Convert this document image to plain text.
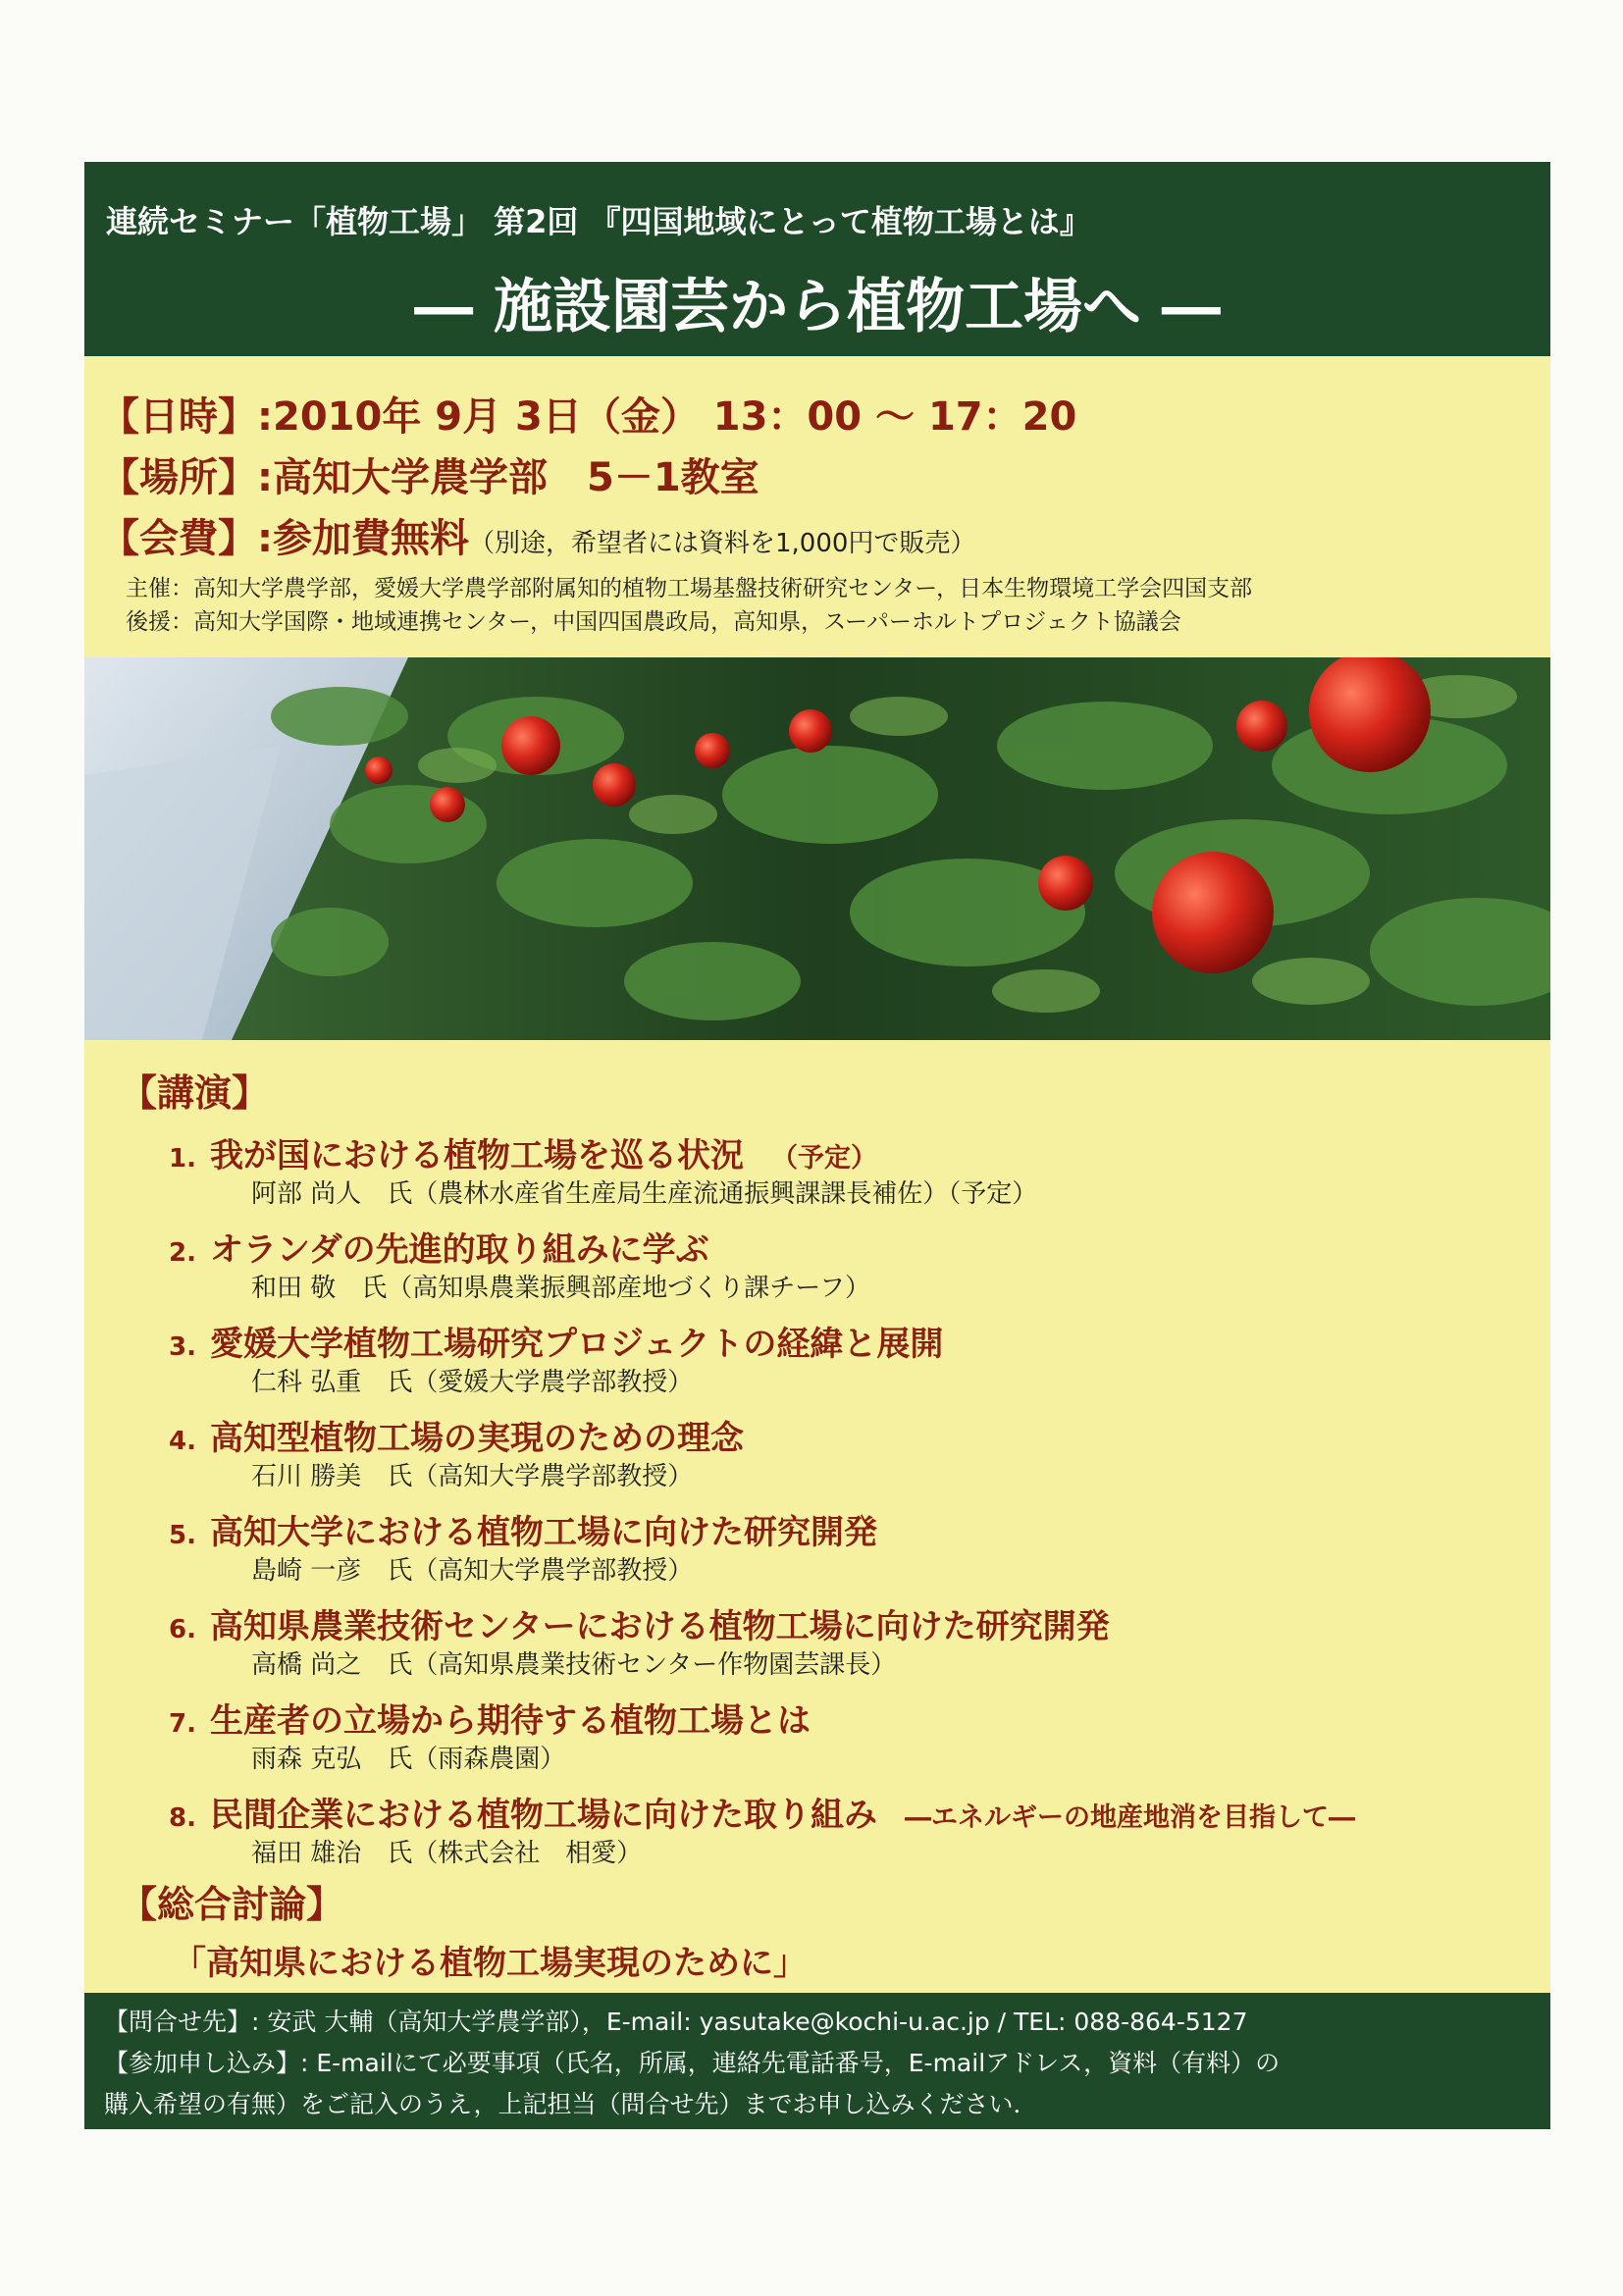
連続セミナー「植物工場」 第2回 『四国地域にとって植物工場とは』
― 施設園芸から植物工場へ ―
【日時】:2010年 9月 3日（金） 13：00 ～ 17：20
【場所】:高知大学農学部　5－1教室
【会費】:参加費無料（別途，希望者には資料を1,000円で販売）
主催：高知大学農学部，愛媛大学農学部附属知的植物工場基盤技術研究センター，日本生物環境工学会四国支部
後援：高知大学国際・地域連携センター，中国四国農政局，高知県，スーパーホルトプロジェクト協議会
【講演】
1. 我が国における植物工場を巡る状況 （予定）
阿部 尚人　氏（農林水産省生産局生産流通振興課課長補佐）（予定）
2. オランダの先進的取り組みに学ぶ
和田 敬　氏（高知県農業振興部産地づくり課チーフ）
3. 愛媛大学植物工場研究プロジェクトの経緯と展開
仁科 弘重　氏（愛媛大学農学部教授）
4. 高知型植物工場の実現のための理念
石川 勝美　氏（高知大学農学部教授）
5. 高知大学における植物工場に向けた研究開発
島崎 一彦　氏（高知大学農学部教授）
6. 高知県農業技術センターにおける植物工場に向けた研究開発
高橋 尚之　氏（高知県農業技術センター作物園芸課長）
7. 生産者の立場から期待する植物工場とは
雨森 克弘　氏（雨森農園）
8. 民間企業における植物工場に向けた取り組み ―エネルギーの地産地消を目指して―
福田 雄治　氏（株式会社　相愛）
【総合討論】
「高知県における植物工場実現のために」
【問合せ先】: 安武 大輔（高知大学農学部），E-mail: yasutake@kochi-u.ac.jp / TEL: 088-864-5127
【参加申し込み】: E-mailにて必要事項（氏名，所属，連絡先電話番号，E-mailアドレス，資料（有料）の
購入希望の有無）をご記入のうえ，上記担当（問合せ先）までお申し込みください．
